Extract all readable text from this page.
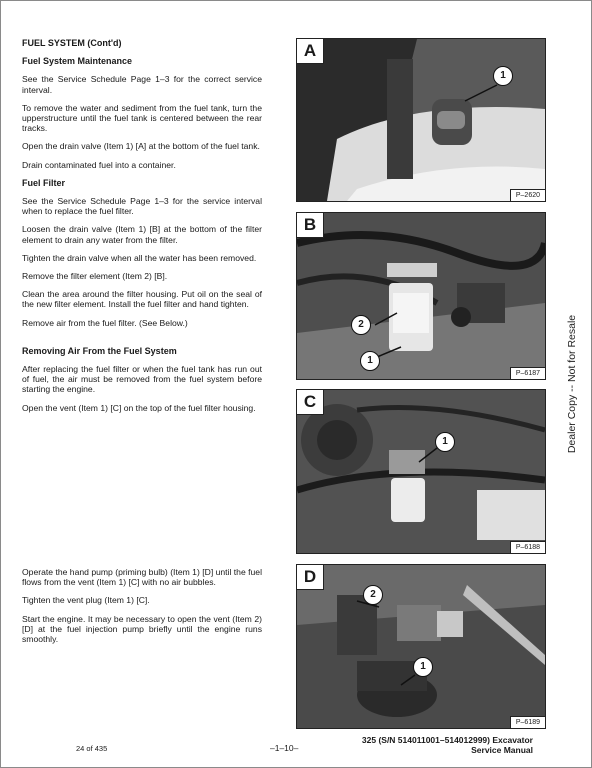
FUEL SYSTEM (Cont'd)
Fuel System Maintenance

See the Service Schedule Page 1–3 for the correct service interval.

To remove the water and sediment from the fuel tank, turn the upperstructure until the fuel tank is centered between the rear tracks.

Open the drain valve (Item 1) [A] at the bottom of the fuel tank.

Drain contaminated fuel into a container.

Fuel Filter

See the Service Schedule Page 1–3 for the service interval when to replace the fuel filter.

Loosen the drain valve (Item 1) [B] at the bottom of the filter element to drain any water from the filter.

Tighten the drain valve when all the water has been removed.

Remove the filter element (Item 2) [B].

Clean the area around the filter housing. Put oil on the seal of the new filter element. Install the fuel filter and hand tighten.

Remove air from the fuel filter. (See Below.)

Removing Air From the Fuel System

After replacing the fuel filter or when the fuel tank has run out of fuel, the air must be removed from the fuel system before starting the engine.

Open the vent (Item 1) [C] on the top of the fuel filter housing.

Operate the hand pump (priming bulb) (Item 1) [D] until the fuel flows from the vent (Item 1) [C] with no air bubbles.

Tighten the vent plug (Item 1) [C].

Start the engine. It may be necessary to open the vent (Item 2) [D] at the fuel injection pump briefly until the engine runs smoothly.

A
1
P–2620
B
2
1
P–6187
C
1
P–6188
D
2
1
P–6189
Dealer Copy -- Not for Resale
24 of 435	–1–10–
325 (S/N 514011001–514012999) Excavator
Service Manual
